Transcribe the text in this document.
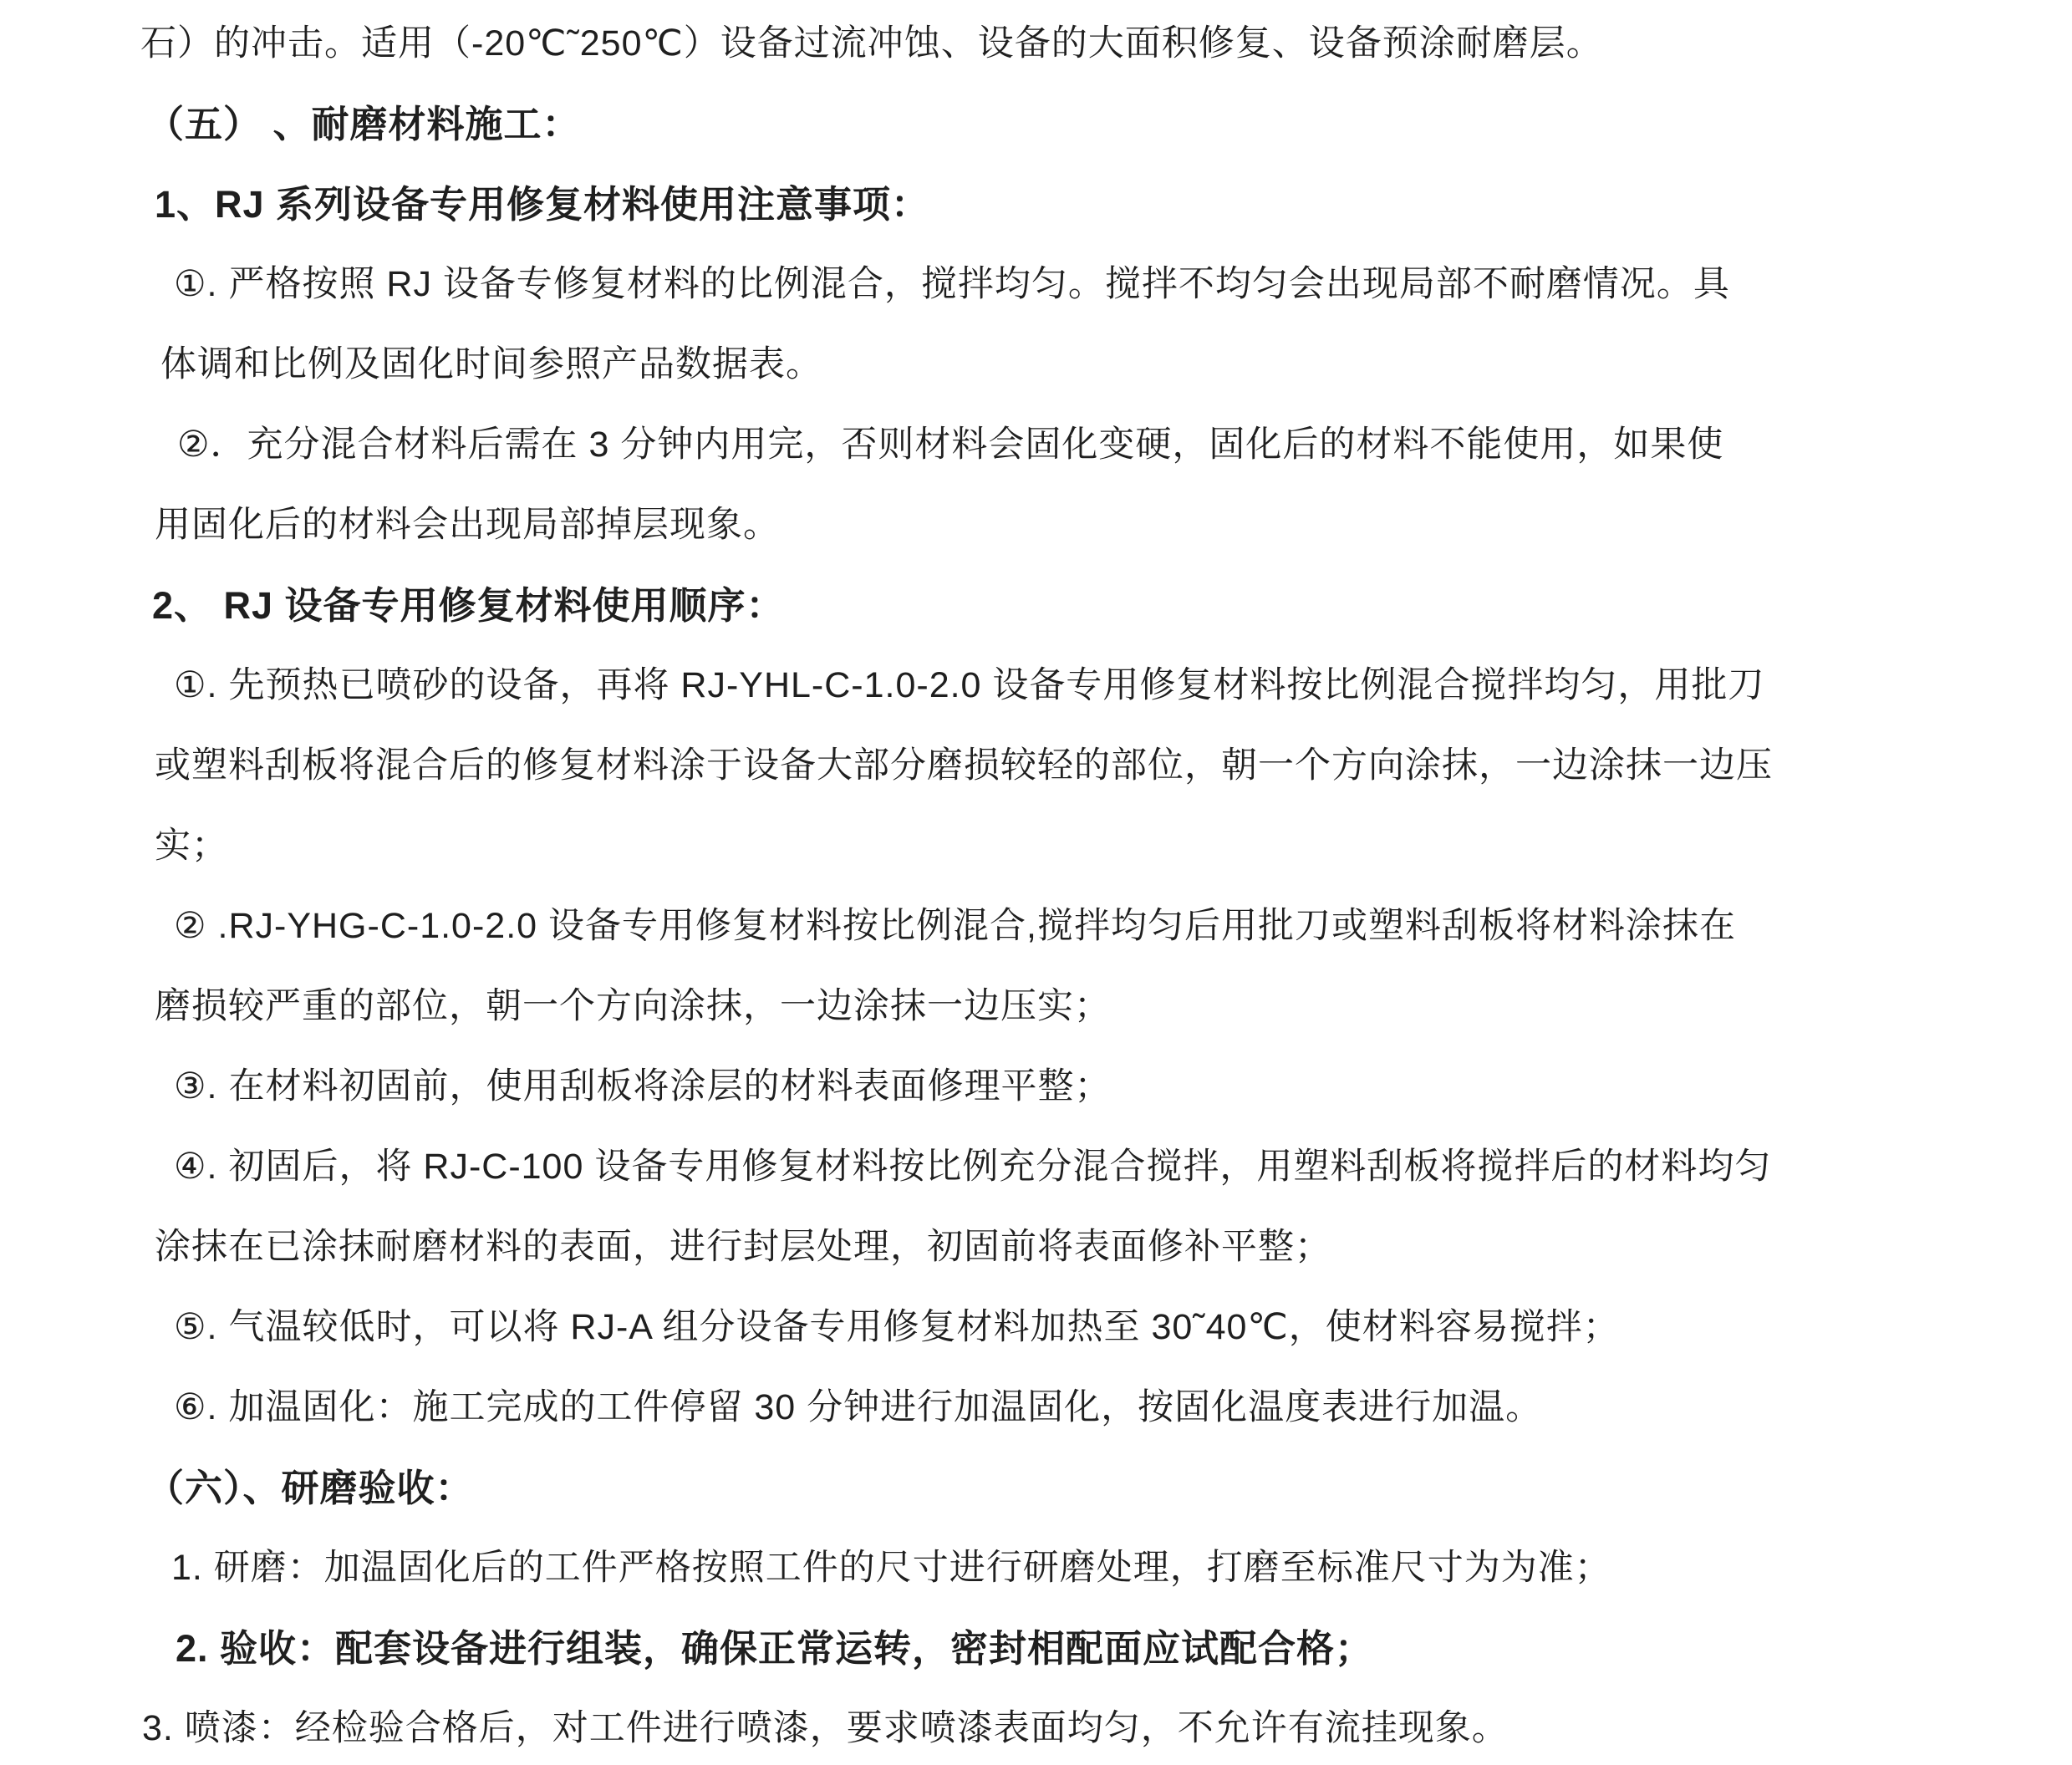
石）的冲击。适用（-20℃˜250℃）设备过流冲蚀、设备的大面积修复、设备预涂耐磨层。
（五） 、耐磨材料施工：
1、RJ 系列设备专用修复材料使用注意事项：
①. 严格按照 RJ 设备专修复材料的比例混合，搅拌均匀。搅拌不均匀会出现局部不耐磨情况。具
体调和比例及固化时间参照产品数据表。
②．充分混合材料后需在 3 分钟内用完，否则材料会固化变硬，固化后的材料不能使用，如果使
用固化后的材料会出现局部掉层现象。
2、 RJ 设备专用修复材料使用顺序：
①. 先预热已喷砂的设备，再将 RJ-YHL-C-1.0-2.0 设备专用修复材料按比例混合搅拌均匀，用批刀
或塑料刮板将混合后的修复材料涂于设备大部分磨损较轻的部位，朝一个方向涂抹，一边涂抹一边压
实；
② .RJ-YHG-C-1.0-2.0 设备专用修复材料按比例混合,搅拌均匀后用批刀或塑料刮板将材料涂抹在
磨损较严重的部位，朝一个方向涂抹，一边涂抹一边压实；
③. 在材料初固前，使用刮板将涂层的材料表面修理平整；
④. 初固后，将 RJ-C-100 设备专用修复材料按比例充分混合搅拌，用塑料刮板将搅拌后的材料均匀
涂抹在已涂抹耐磨材料的表面，进行封层处理，初固前将表面修补平整；
⑤. 气温较低时，可以将 RJ-A 组分设备专用修复材料加热至 30˜40℃，使材料容易搅拌；
⑥. 加温固化：施工完成的工件停留 30 分钟进行加温固化，按固化温度表进行加温。
（六）、研磨验收：
1. 研磨：加温固化后的工件严格按照工件的尺寸进行研磨处理，打磨至标准尺寸为为准；
2. 验收：配套设备进行组装，确保正常运转，密封相配面应试配合格；
3. 喷漆：经检验合格后，对工件进行喷漆，要求喷漆表面均匀，不允许有流挂现象。
